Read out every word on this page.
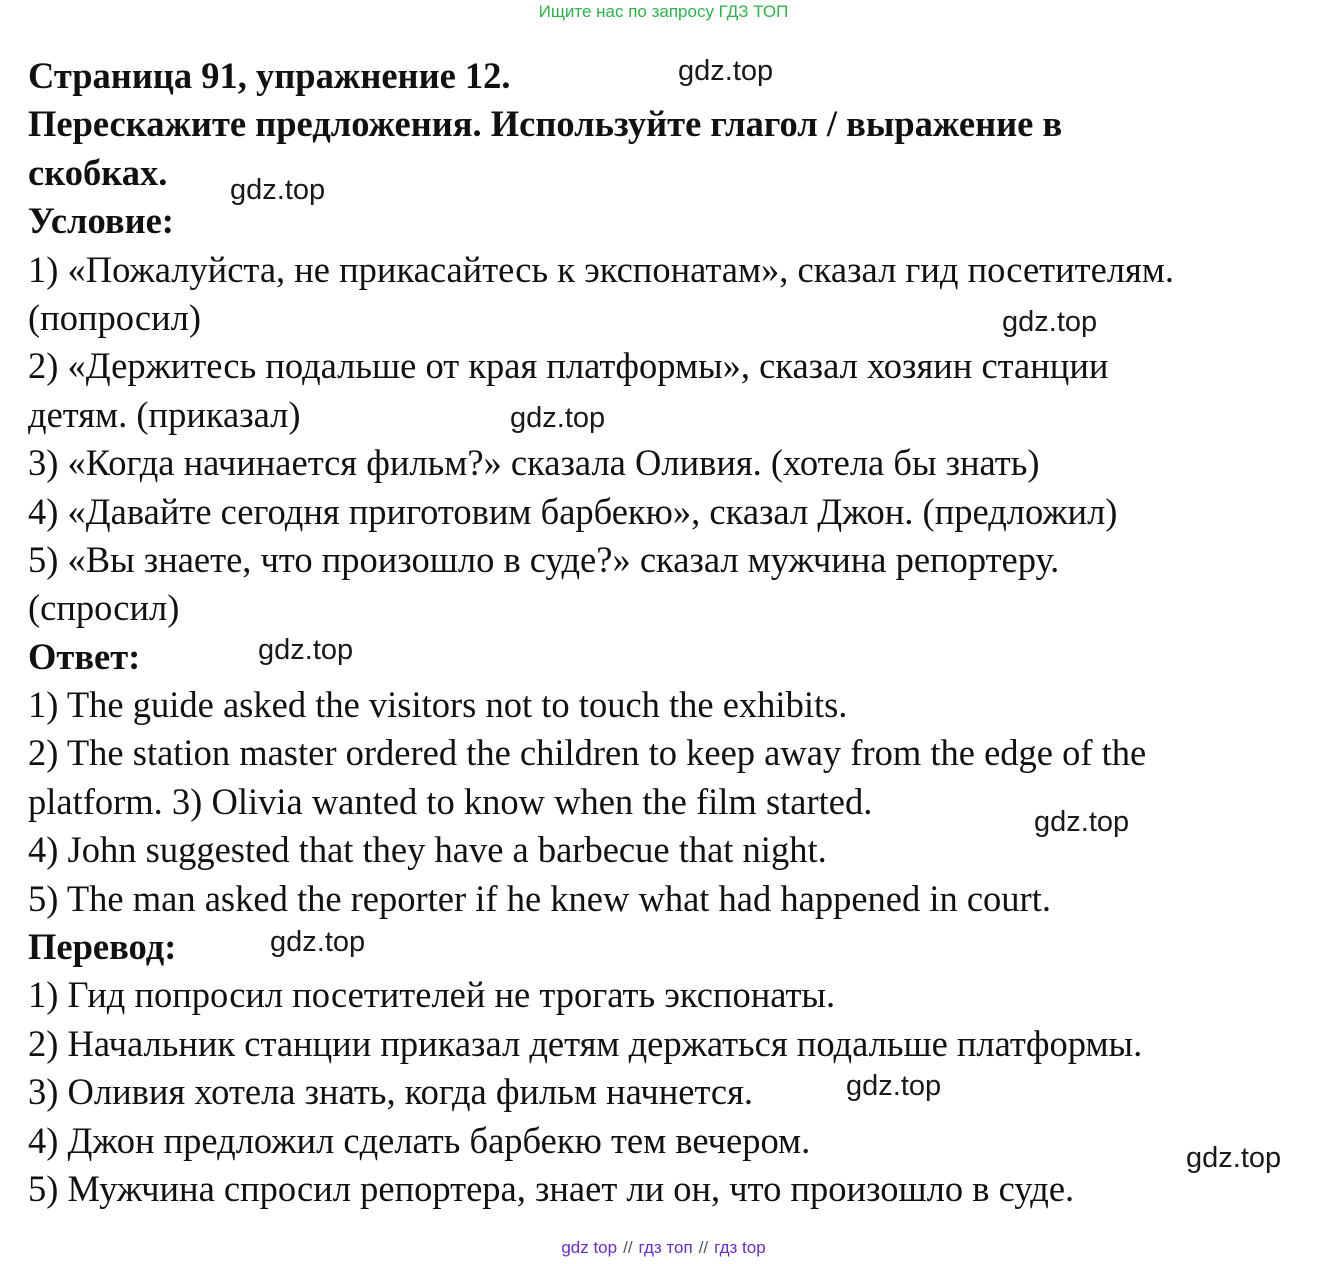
Ищите нас по запросу ГДЗ ТОП
Страница 91, упражнение 12.
Перескажите предложения. Используйте глагол / выражение в
скобках.
Условие:
1) «Пожалуйста, не прикасайтесь к экспонатам», сказал гид посетителям.
(попросил)
2) «Держитесь подальше от края платформы», сказал хозяин станции
детям. (приказал)
3) «Когда начинается фильм?» сказала Оливия. (хотела бы знать)
4) «Давайте сегодня приготовим барбекю», сказал Джон. (предложил)
5) «Вы знаете, что произошло в суде?» сказал мужчина репортеру.
(спросил)
Ответ:
1) The guide asked the visitors not to touch the exhibits.
2) The station master ordered the children to keep away from the edge of the
platform. 3) Olivia wanted to know when the film started.
4) John suggested that they have a barbecue that night.
5) The man asked the reporter if he knew what had happened in court.
Перевод:
1) Гид попросил посетителей не трогать экспонаты.
2) Начальник станции приказал детям держаться подальше платформы.
3) Оливия хотела знать, когда фильм начнется.
4) Джон предложил сделать барбекю тем вечером.
5) Мужчина спросил репортера, знает ли он, что произошло в суде.
gdz.top
gdz.top
gdz.top
gdz.top
gdz.top
gdz.top
gdz.top
gdz.top
gdz.top
gdz top // гдз топ // гдз top
